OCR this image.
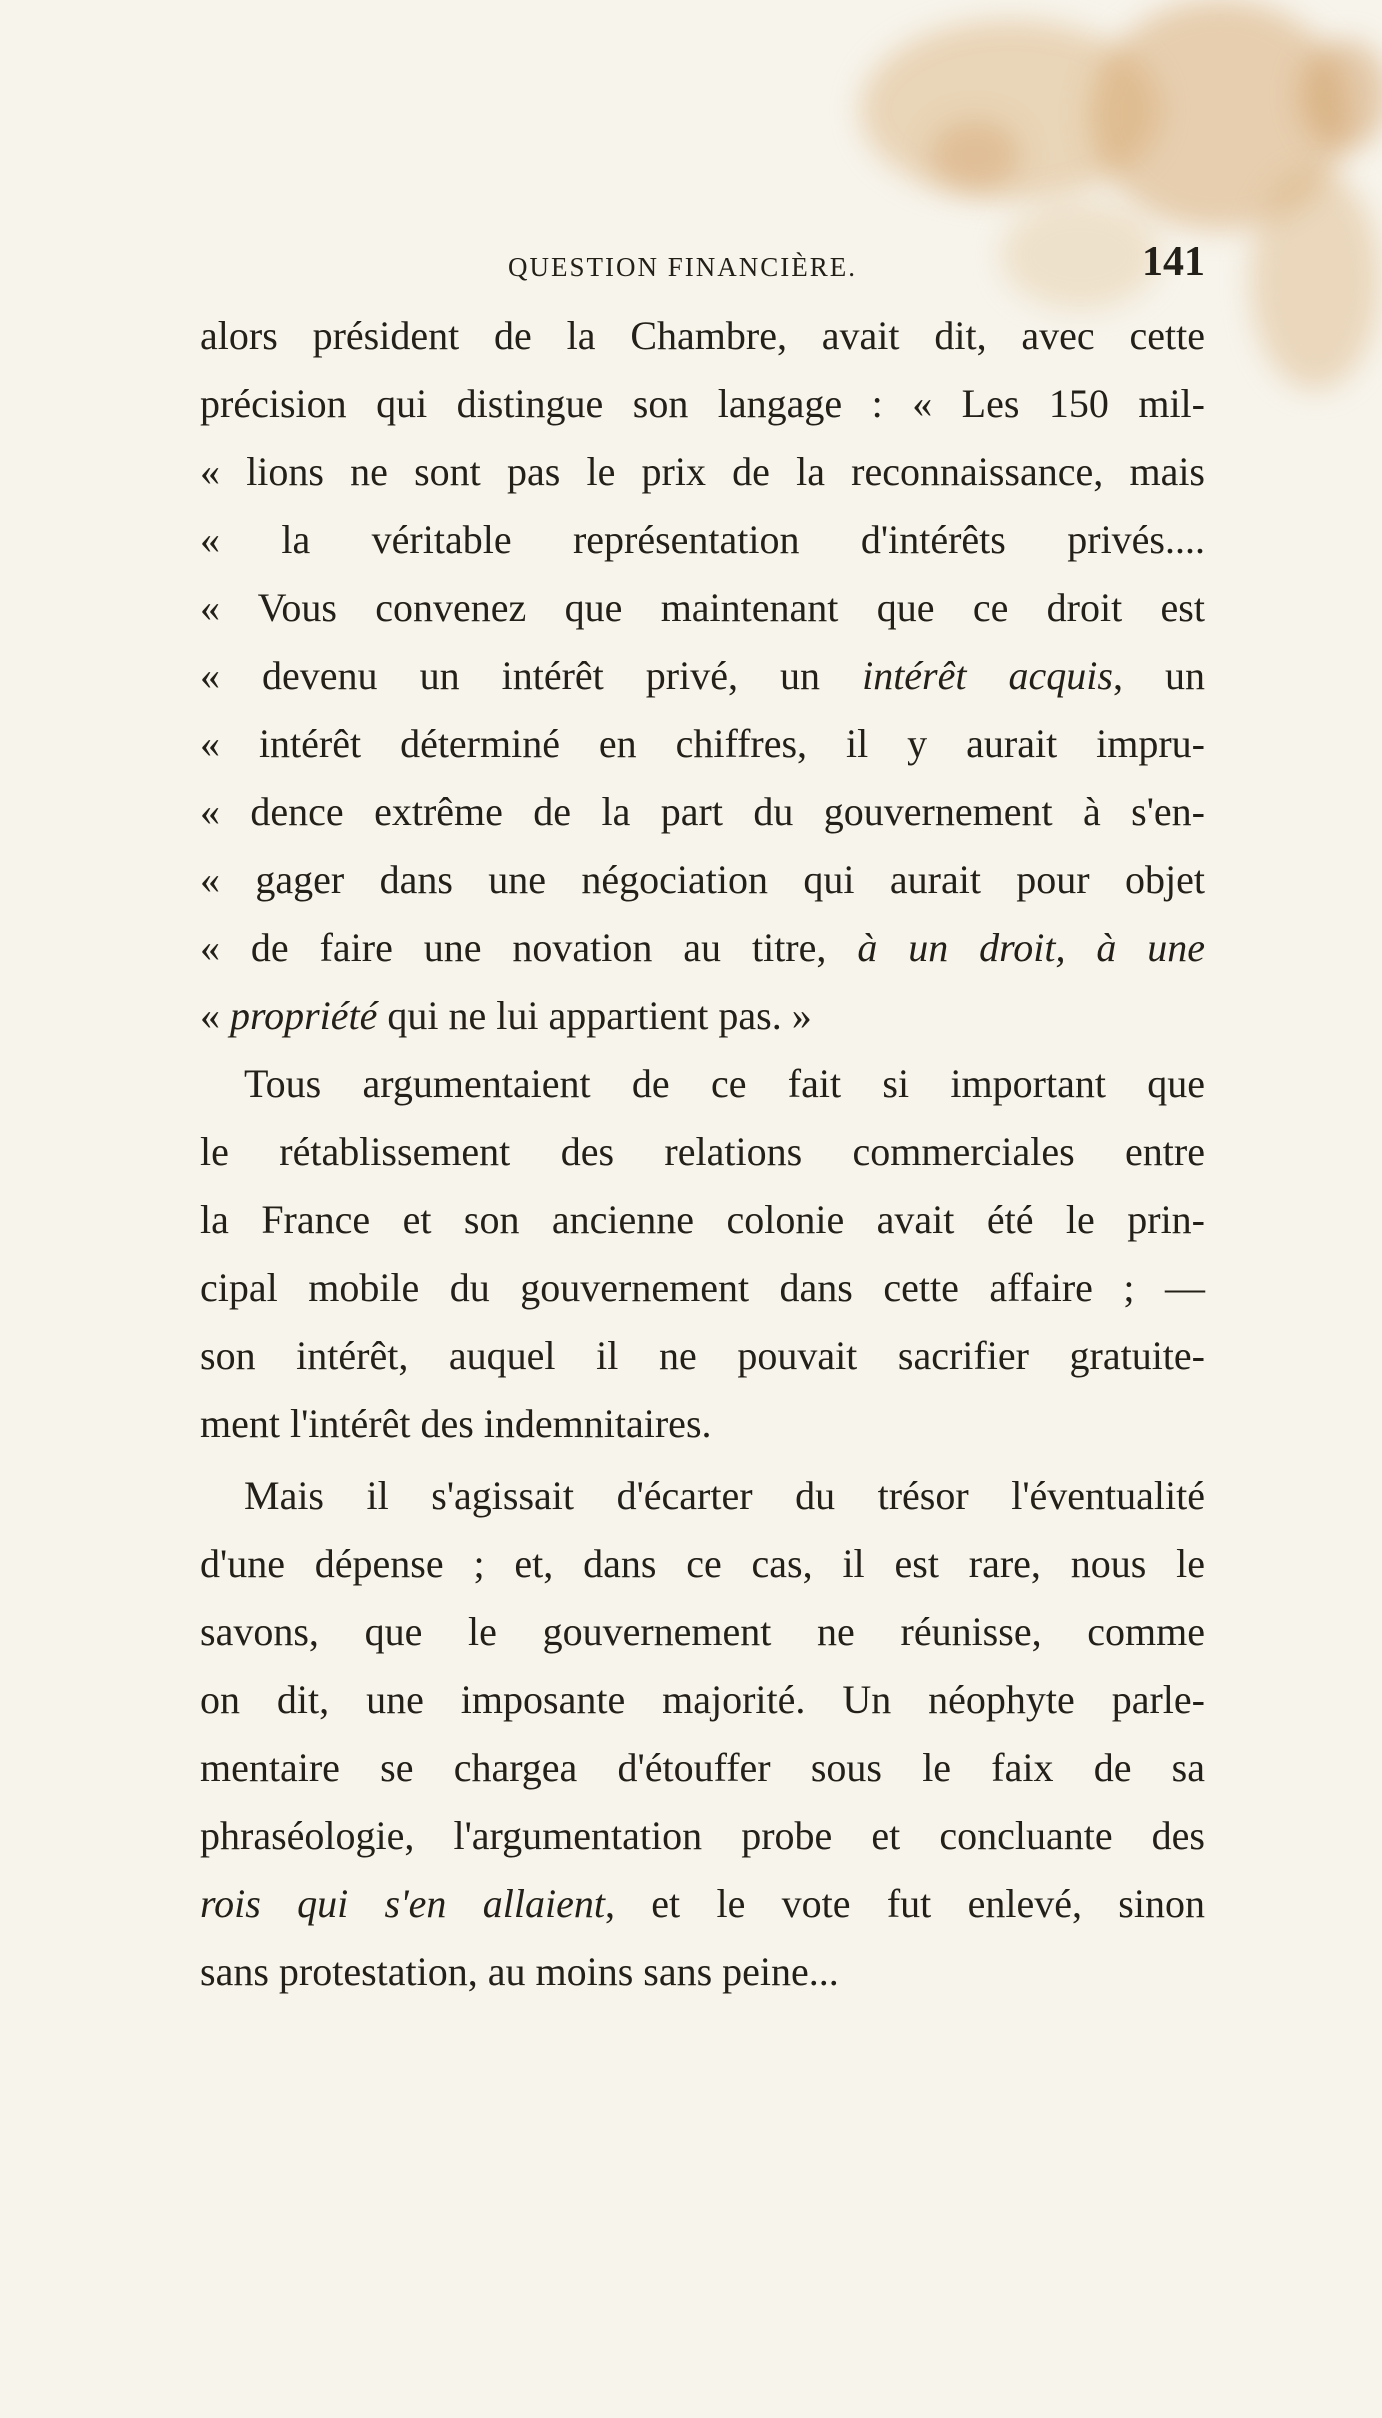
QUESTION FINANCIÈRE.	141
alors président de la Chambre, avait dit, avec cette
précision qui distingue son langage : « Les 150 mil-
« lions ne sont pas le prix de la reconnaissance, mais
« la véritable représentation d'intérêts privés....
« Vous convenez que maintenant que ce droit est
« devenu un intérêt privé, un intérêt acquis, un
« intérêt déterminé en chiffres, il y aurait impru-
« dence extrême de la part du gouvernement à s'en-
« gager dans une négociation qui aurait pour objet
« de faire une novation au titre, à un droit, à une
« propriété qui ne lui appartient pas. »
Tous argumentaient de ce fait si important que
le rétablissement des relations commerciales entre
la France et son ancienne colonie avait été le prin-
cipal mobile du gouvernement dans cette affaire ; —
son intérêt, auquel il ne pouvait sacrifier gratuite-
ment l'intérêt des indemnitaires.
Mais il s'agissait d'écarter du trésor l'éventualité
d'une dépense ; et, dans ce cas, il est rare, nous le
savons, que le gouvernement ne réunisse, comme
on dit, une imposante majorité. Un néophyte parle-
mentaire se chargea d'étouffer sous le faix de sa
phraséologie, l'argumentation probe et concluante des
rois qui s'en allaient, et le vote fut enlevé, sinon
sans protestation, au moins sans peine...
